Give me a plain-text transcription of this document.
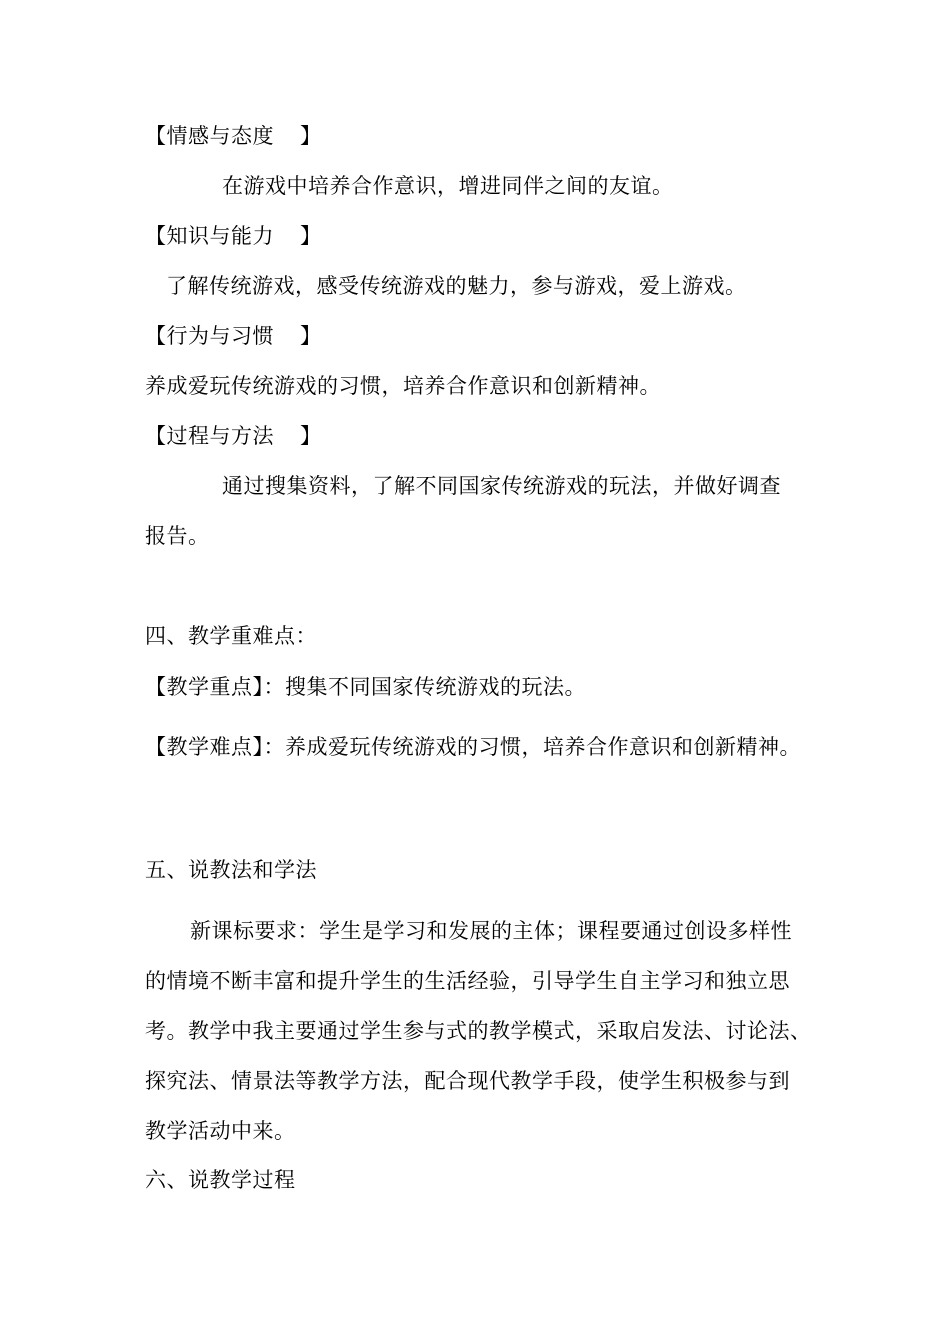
【情感与态度 】
在游戏中培养合作意识，增进同伴之间的友谊。
【知识与能力 】
了解传统游戏，感受传统游戏的魅力，参与游戏，爱上游戏。
【行为与习惯 】
养成爱玩传统游戏的习惯，培养合作意识和创新精神。
【过程与方法 】
通过搜集资料，了解不同国家传统游戏的玩法，并做好调查
报告。
四、教学重难点：
【教学重点】：搜集不同国家传统游戏的玩法。
【教学难点】：养成爱玩传统游戏的习惯，培养合作意识和创新精神。
五、说教法和学法
新课标要求：学生是学习和发展的主体；课程要通过创设多样性
的情境不断丰富和提升学生的生活经验，引导学生自主学习和独立思
考。教学中我主要通过学生参与式的教学模式，采取启发法、讨论法、
探究法、情景法等教学方法，配合现代教学手段，使学生积极参与到
教学活动中来。
六、说教学过程
